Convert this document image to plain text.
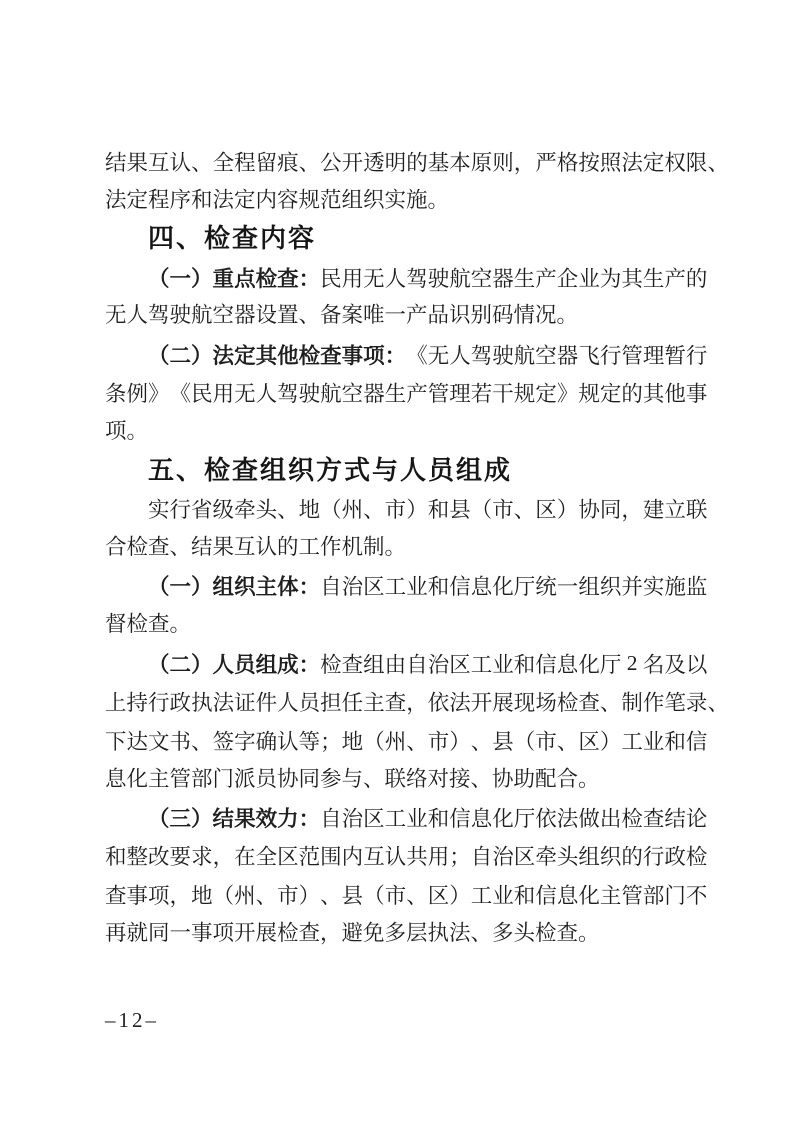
结 果 互 认 、 全 程 留 痕 、 公 开 透 明 的 基 本 原 则 ， 严 格 按 照 法 定 权 限 、
法定程序和法定内容规范组织实施。
四、检查内容
（ 一 ） 重 点 检 查 ： 民 用 无 人 驾 驶 航 空 器 生 产 企 业 为 其 生 产 的
无人驾驶航空器设置、备案唯一产品识别码情况。
（ 二 ） 法 定 其 他 检 查 事 项 ： 《 无 人 驾 驶 航 空 器 飞 行 管 理 暂 行
条 例 》 《 民 用 无 人 驾 驶 航 空 器 生 产 管 理 若 干 规 定 》 规 定 的 其 他 事
项。
五、检查组织方式与人员组成
实 行 省 级 牵 头 、 地 （ 州 、 市 ） 和 县 （ 市 、 区 ） 协 同 ， 建 立 联
合检查、结果互认的工作机制。
（ 一 ） 组 织 主 体 ： 自 治 区 工 业 和 信 息 化 厅 统 一 组 织 并 实 施 监
督检查。
（ 二 ） 人 员 组 成 ： 检 查 组 由 自 治 区 工 业 和 信 息 化 厅
2
名 及 以
上 持 行 政 执 法 证 件 人 员 担 任 主 查 ， 依 法 开 展 现 场 检 查 、 制 作 笔 录 、
下 达 文 书 、 签 字 确 认 等 ； 地 （ 州 、 市 ） 、 县 （ 市 、 区 ） 工 业 和 信
息化主管部门派员协同参与、联络对接、协助配合。
（ 三 ） 结 果 效 力 ： 自 治 区 工 业 和 信 息 化 厅 依 法 做 出 检 查 结 论
和 整 改 要 求 ， 在 全 区 范 围 内 互 认 共 用 ； 自 治 区 牵 头 组 织 的 行 政 检
查 事 项 ， 地 （ 州 、 市 ） 、 县 （ 市 、 区 ） 工 业 和 信 息 化 主 管 部 门 不
再就同一事项开展检查，避免多层执法、多头检查。
–12–
